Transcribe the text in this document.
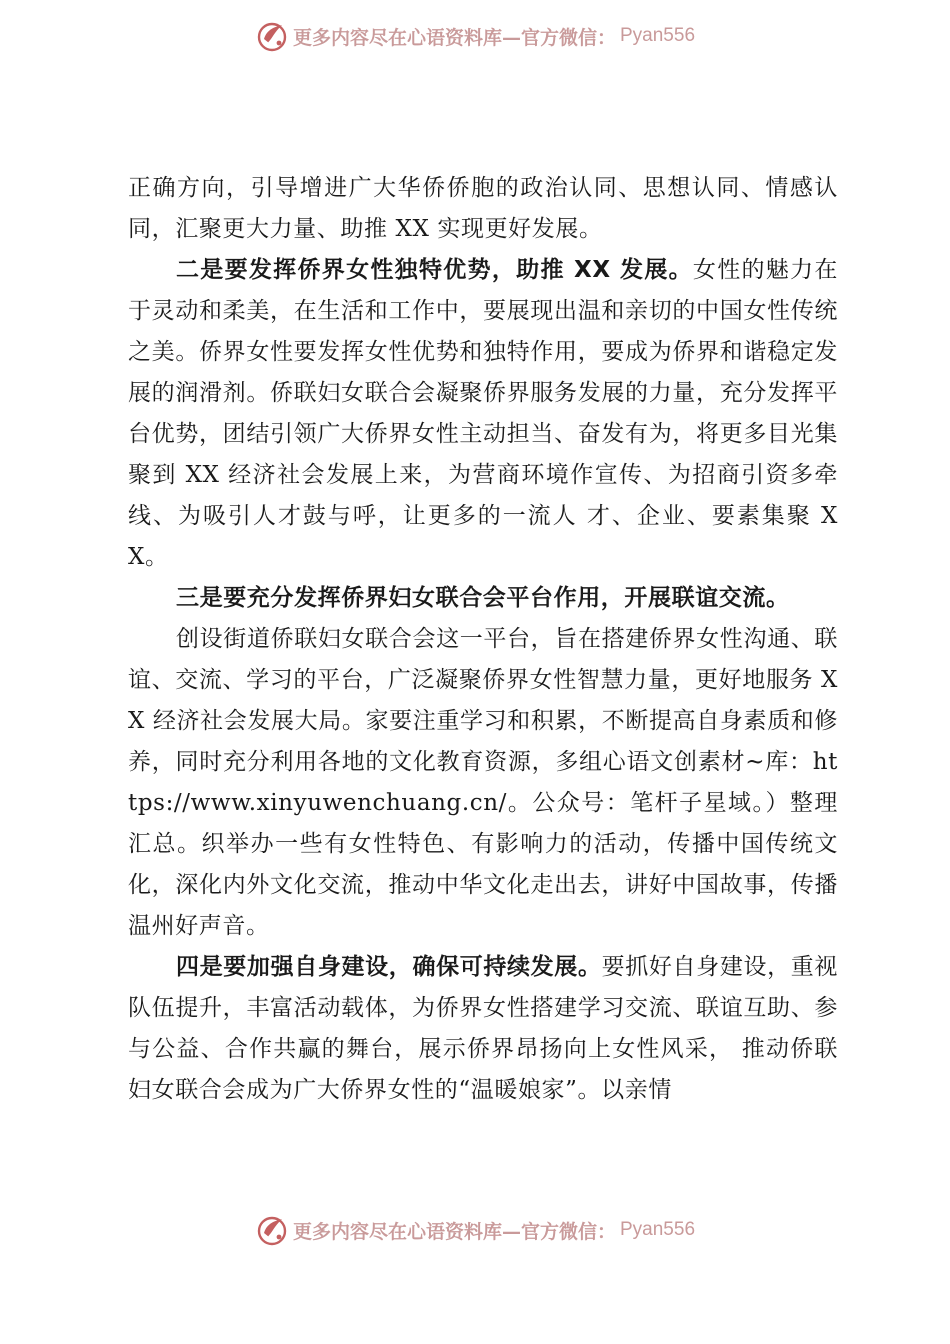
更多内容尽在心语资料库—官方微信： Pyan556

正确方向，引导增进广大华侨侨胞的政治认同、思想认同、情感认同，汇聚更大力量、助推 XX 实现更好发展。

二是要发挥侨界女性独特优势，助推 XX 发展。女性的魅力在于灵动和柔美，在生活和工作中，要展现出温和亲切的中国女性传统之美。侨界女性要发挥女性优势和独特作用，要成为侨界和谐稳定发展的润滑剂。侨联妇女联合会凝聚侨界服务发展的力量，充分发挥平台优势，团结引领广大侨界女性主动担当、奋发有为，将更多目光集聚到 XX 经济社会发展上来，为营商环境作宣传、为招商引资多牵线、为吸引人才鼓与呼，让更多的一流人 才、企业、要素集聚 XX。

三是要充分发挥侨界妇女联合会平台作用，开展联谊交流。

创设街道侨联妇女联合会这一平台，旨在搭建侨界女性沟通、联谊、交流、学习的平台，广泛凝聚侨界女性智慧力量，更好地服务 XX 经济社会发展大局。家要注重学习和积累，不断提高自身素质和修养，同时充分利用各地的文化教育资源，多组心语文创素材~库：https://www.xinyuwenchuang.cn/。公众号：笔杆子星域。）整理汇总。织举办一些有女性特色、有影响力的活动，传播中国传统文化，深化内外文化交流，推动中华文化走出去，讲好中国故事，传播温州好声音。

四是要加强自身建设，确保可持续发展。要抓好自身建设，重视队伍提升，丰富活动载体，为侨界女性搭建学习交流、联谊互助、参与公益、合作共赢的舞台，展示侨界昂扬向上女性风采， 推动侨联妇女联合会成为广大侨界女性的“温暖娘家”。以亲情

更多内容尽在心语资料库—官方微信： Pyan556
